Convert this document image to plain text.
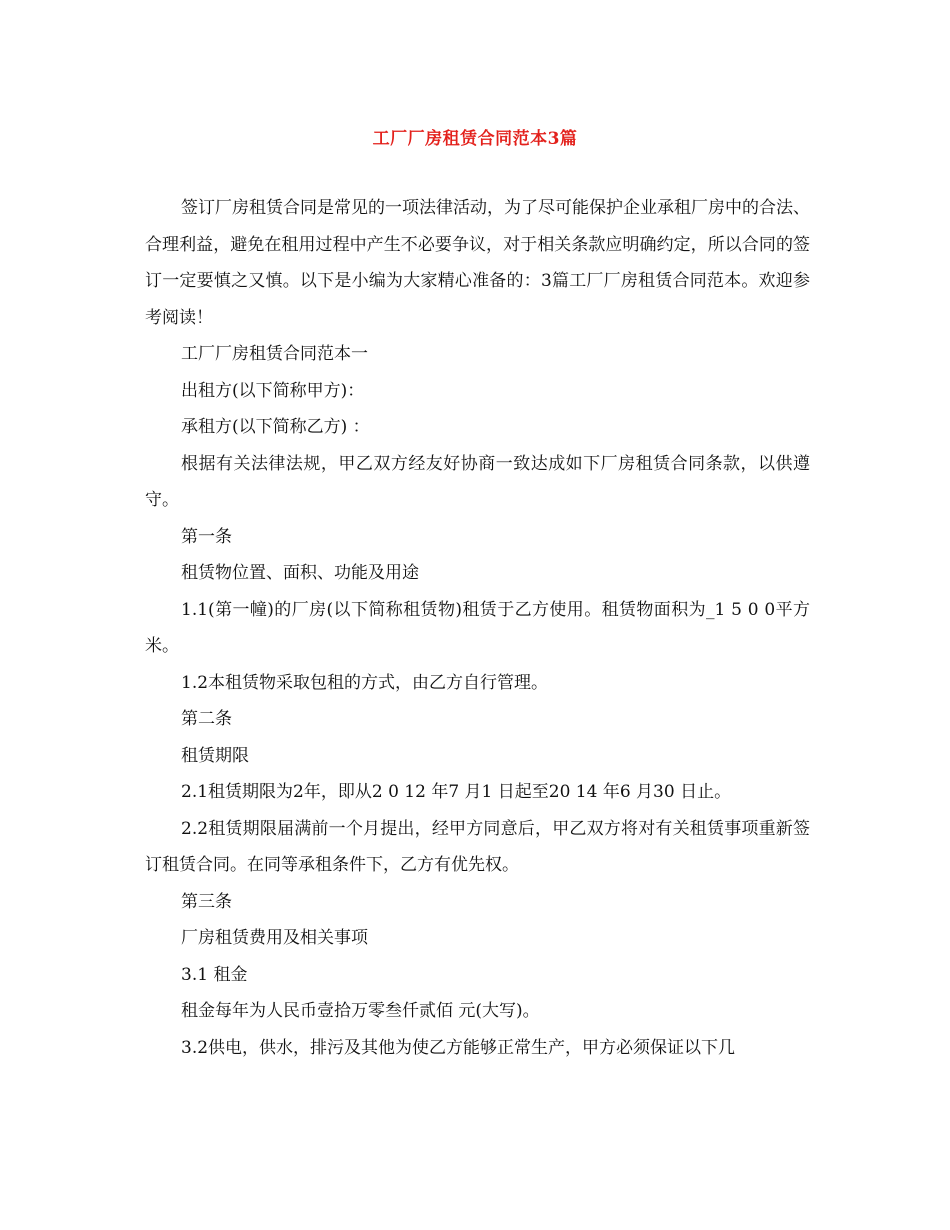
工厂厂房租赁合同范本3篇

签订厂房租赁合同是常见的一项法律活动，为了尽可能保护企业承租厂房中的合法、合理利益，避免在租用过程中产生不必要争议，对于相关条款应明确约定，所以合同的签订一定要慎之又慎。以下是小编为大家精心准备的：3篇工厂厂房租赁合同范本。欢迎参考阅读！

工厂厂房租赁合同范本一

出租方(以下简称甲方)：

承租方(以下简称乙方) ：

根据有关法律法规，甲乙双方经友好协商一致达成如下厂房租赁合同条款，以供遵守。

第一条

租赁物位置、面积、功能及用途

1.1(第一幢)的厂房(以下简称租赁物)租赁于乙方使用。租赁物面积为_1 5 0 0平方米。

1.2本租赁物采取包租的方式，由乙方自行管理。

第二条

租赁期限

2.1租赁期限为2年，即从2 0 12 年7 月1 日起至20 14 年6 月30 日止。

2.2租赁期限届满前一个月提出，经甲方同意后，甲乙双方将对有关租赁事项重新签订租赁合同。在同等承租条件下，乙方有优先权。

第三条

厂房租赁费用及相关事项

3.1 租金

租金每年为人民币壹拾万零叁仟贰佰 元(大写)。

3.2供电，供水，排污及其他为使乙方能够正常生产，甲方必须保证以下几
